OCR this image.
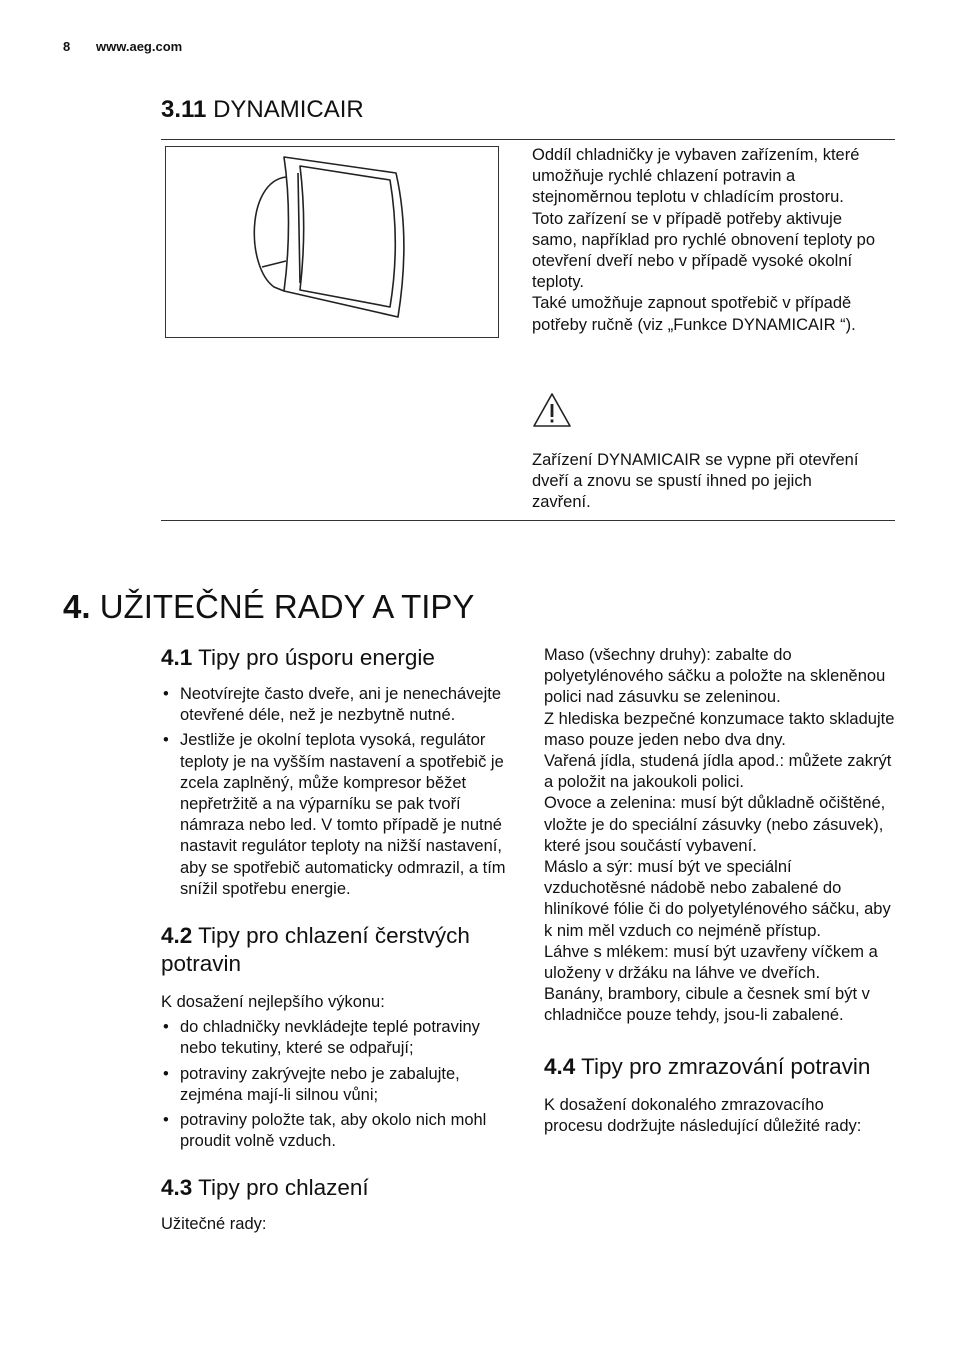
8 www.aeg.com
3.11 DYNAMICAIR

Oddíl chladničky je vybaven zařízením, které umožňuje rychlé chlazení potravin a stejnoměrnou teplotu v chladícím prostoru.

Toto zařízení se v případě potřeby aktivuje samo, například pro rychlé obnovení teploty po otevření dveří nebo v případě vysoké okolní teploty.

Také umožňuje zapnout spotřebič v případě potřeby ručně (viz „Funkce DYNAMICAIR “).

Zařízení DYNAMICAIR se vypne při otevření dveří a znovu se spustí ihned po jejich zavření.
4. UŽITEČNÉ RADY A TIPY
4.1 Tipy pro úsporu energie
• Neotvírejte často dveře, ani je nenechávejte otevřené déle, než je nezbytně nutné.
• Jestliže je okolní teplota vysoká, regulátor teploty je na vyšším nastavení a spotřebič je zcela zaplněný, může kompresor běžet nepřetržitě a na výparníku se pak tvoří námraza nebo led. V tomto případě je nutné nastavit regulátor teploty na nižší nastavení, aby se spotřebič automaticky odmrazil, a tím snížil spotřebu energie.
4.2 Tipy pro chlazení čerstvých potravin
K dosažení nejlepšího výkonu:
• do chladničky nevkládejte teplé potraviny nebo tekutiny, které se odpařují;
• potraviny zakrývejte nebo je zabalujte, zejména mají-li silnou vůni;
• potraviny položte tak, aby okolo nich mohl proudit volně vzduch.
4.3 Tipy pro chlazení
Užitečné rady:

Maso (všechny druhy): zabalte do polyetylénového sáčku a položte na skleněnou polici nad zásuvku se zeleninou.

Z hlediska bezpečné konzumace takto skladujte maso pouze jeden nebo dva dny.

Vařená jídla, studená jídla apod.: můžete zakrýt a položit na jakoukoli polici.

Ovoce a zelenina: musí být důkladně očištěné, vložte je do speciální zásuvky (nebo zásuvek), které jsou součástí vybavení.

Máslo a sýr: musí být ve speciální vzduchotěsné nádobě nebo zabalené do hliníkové fólie či do polyetylénového sáčku, aby k nim měl vzduch co nejméně přístup.

Láhve s mlékem: musí být uzavřeny víčkem a uloženy v držáku na láhve ve dveřích.

Banány, brambory, cibule a česnek smí být v chladničce pouze tehdy, jsou-li zabalené.

4.4 Tipy pro zmrazování potravin
K dosažení dokonalého zmrazovacího procesu dodržujte následující důležité rady:
